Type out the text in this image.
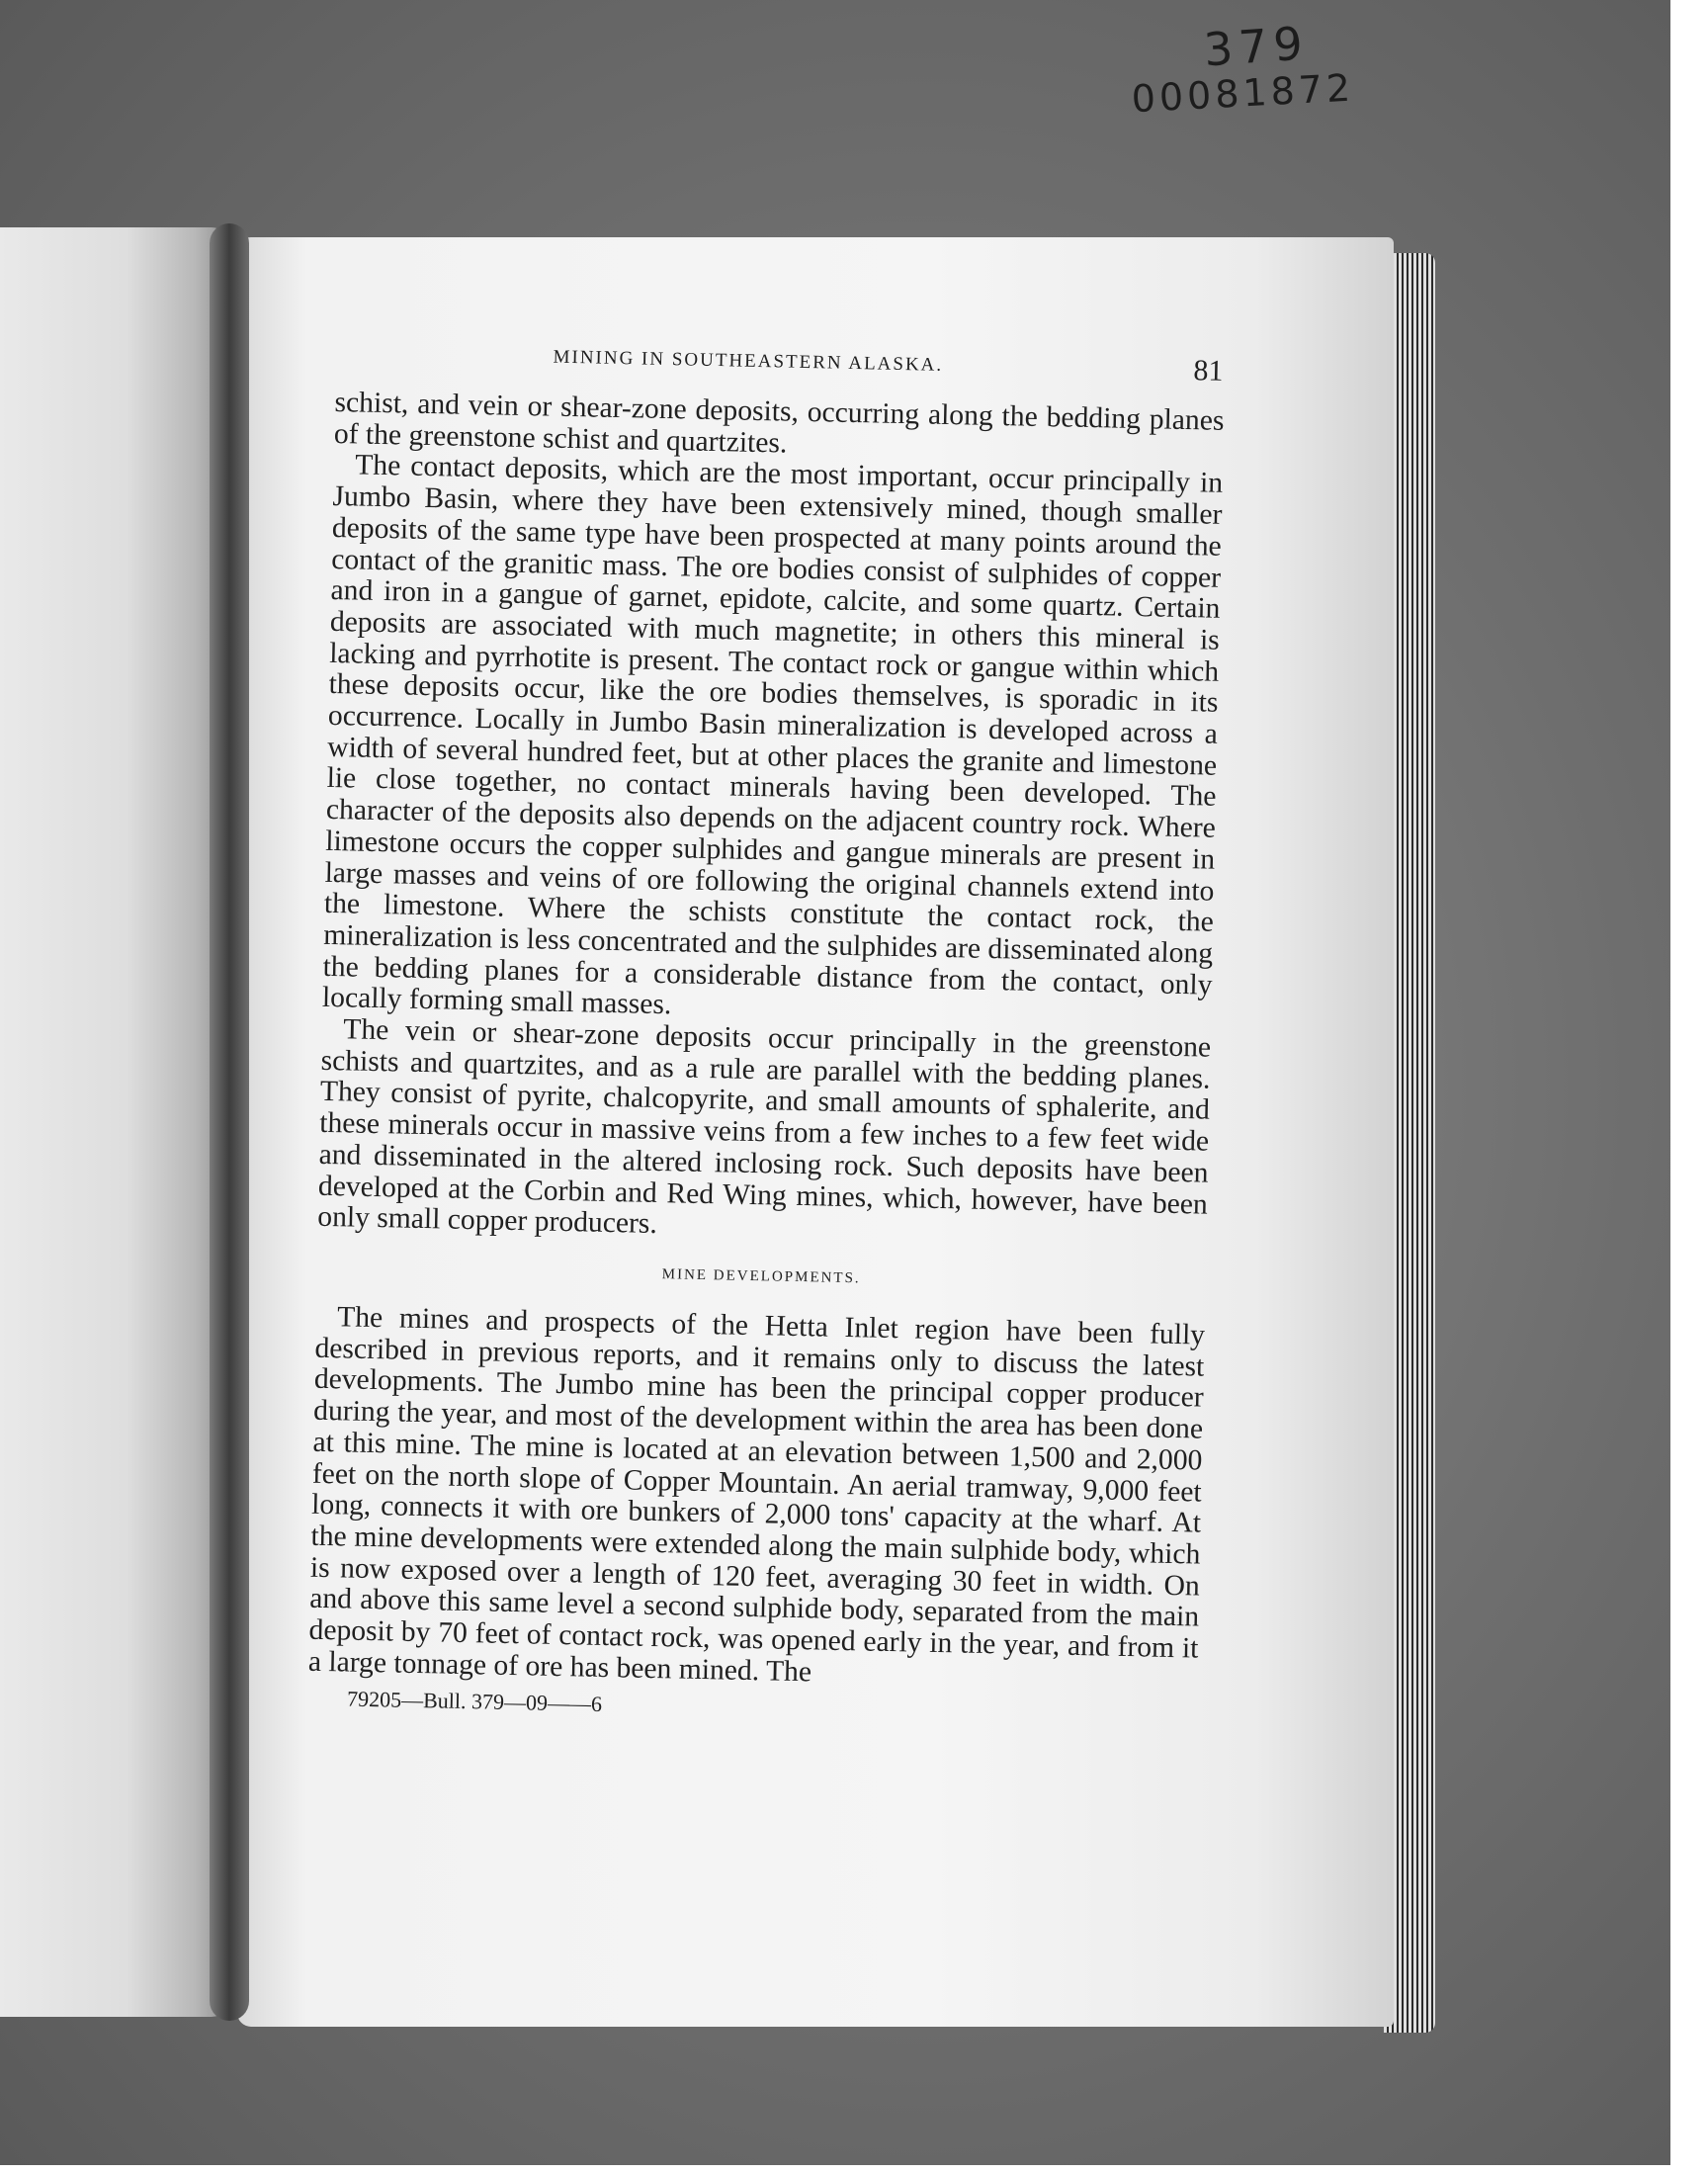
379
00081872
MINING IN SOUTHEASTERN ALASKA.	81

schist, and vein or shear-zone deposits, occurring along the bedding planes of the greenstone schist and quartzites.

The contact deposits, which are the most important, occur principally in Jumbo Basin, where they have been extensively mined, though smaller deposits of the same type have been prospected at many points around the contact of the granitic mass. The ore bodies consist of sulphides of copper and iron in a gangue of garnet, epidote, calcite, and some quartz. Certain deposits are associated with much magnetite; in others this mineral is lacking and pyrrhotite is present. The contact rock or gangue within which these deposits occur, like the ore bodies themselves, is sporadic in its occurrence. Locally in Jumbo Basin mineralization is developed across a width of several hundred feet, but at other places the granite and limestone lie close together, no contact minerals having been developed. The character of the deposits also depends on the adjacent country rock. Where limestone occurs the copper sulphides and gangue minerals are present in large masses and veins of ore following the original channels extend into the limestone. Where the schists constitute the contact rock, the mineralization is less concentrated and the sulphides are disseminated along the bedding planes for a considerable distance from the contact, only locally forming small masses.

The vein or shear-zone deposits occur principally in the greenstone schists and quartzites, and as a rule are parallel with the bedding planes. They consist of pyrite, chalcopyrite, and small amounts of sphalerite, and these minerals occur in massive veins from a few inches to a few feet wide and disseminated in the altered inclosing rock. Such deposits have been developed at the Corbin and Red Wing mines, which, however, have been only small copper producers.

MINE DEVELOPMENTS.

The mines and prospects of the Hetta Inlet region have been fully described in previous reports, and it remains only to discuss the latest developments. The Jumbo mine has been the principal copper producer during the year, and most of the development within the area has been done at this mine. The mine is located at an elevation between 1,500 and 2,000 feet on the north slope of Copper Mountain. An aerial tramway, 9,000 feet long, connects it with ore bunkers of 2,000 tons' capacity at the wharf. At the mine developments were extended along the main sulphide body, which is now exposed over a length of 120 feet, averaging 30 feet in width. On and above this same level a second sulphide body, separated from the main deposit by 70 feet of contact rock, was opened early in the year, and from it a large tonnage of ore has been mined. The

79205—Bull. 379—09——6
